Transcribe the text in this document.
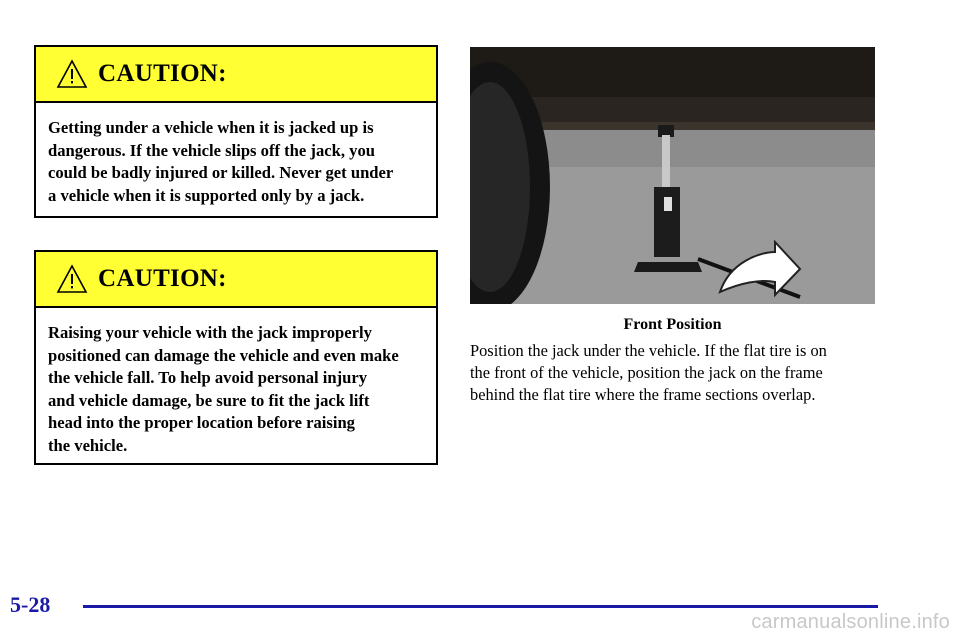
CAUTION:
Getting under a vehicle when it is jacked up is
dangerous. If the vehicle slips off the jack, you
could be badly injured or killed. Never get under
a vehicle when it is supported only by a jack.
CAUTION:
Raising your vehicle with the jack improperly
positioned can damage the vehicle and even make
the vehicle fall. To help avoid personal injury
and vehicle damage, be sure to fit the jack lift
head into the proper location before raising
the vehicle.
Front Position
Position the jack under the vehicle. If the flat tire is on
the front of the vehicle, position the jack on the frame
behind the flat tire where the frame sections overlap.
5-28
carmanualsonline.info
